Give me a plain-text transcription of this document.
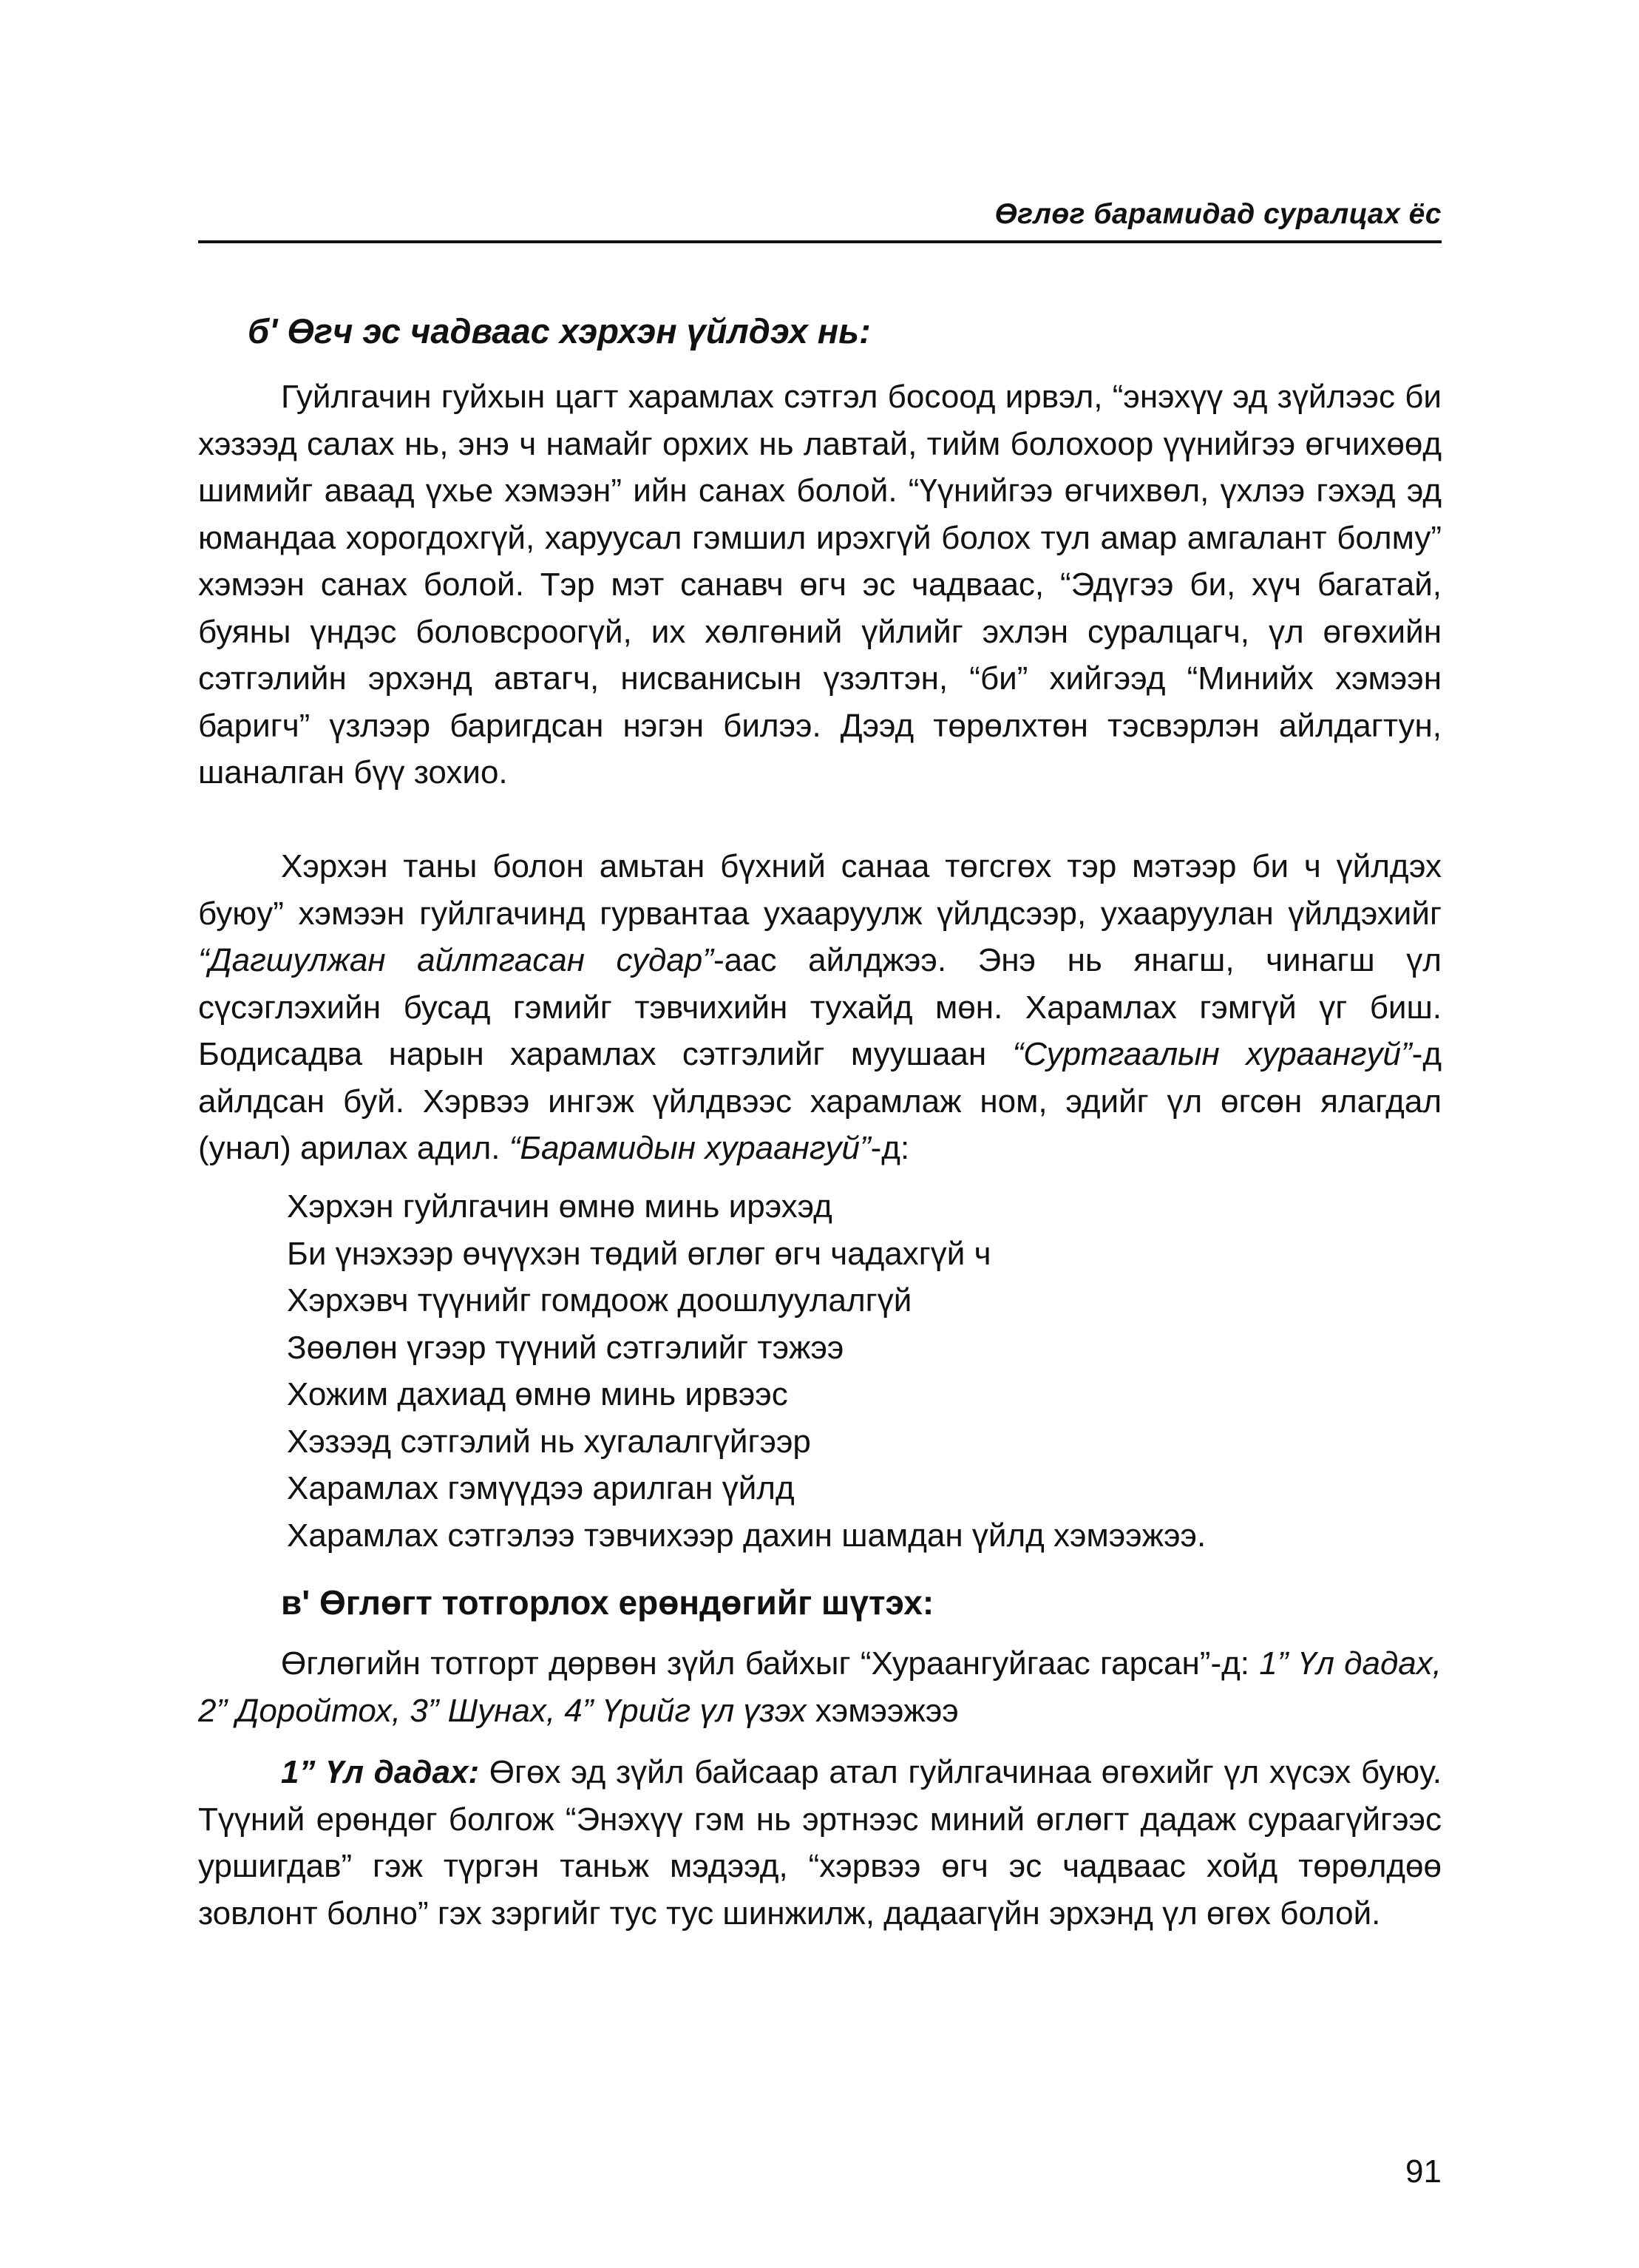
Өглөг барамидад суралцах ёс
б' Өгч эс чадваас хэрхэн үйлдэх нь:

Гуйлгачин гуйхын цагт харамлах сэтгэл босоод ирвэл, “энэхүү эд зүйлээс би хэзээд салах нь, энэ ч намайг орхих нь лавтай, тийм болохоор үүнийгээ өгчихөөд шимийг аваад үхье хэмээн” ийн санах болой. “Үүнийгээ өгчихвөл, үхлээ гэхэд эд юмандаа хорогдохгүй, харуусал гэмшил ирэхгүй болох тул амар амгалант болму” хэмээн санах болой. Тэр мэт санавч өгч эс чадваас, “Эдүгээ би, хүч багатай, буяны үндэс боловсроогүй, их хөлгөний үйлийг эхлэн суралцагч, үл өгөхийн сэтгэлийн эрхэнд автагч, нисванисын үзэлтэн, “би” хийгээд “Минийх хэмээн баригч” үзлээр баригдсан нэгэн билээ. Дээд төрөлхтөн тэсвэрлэн айлдагтун, шаналган бүү зохио.

Хэрхэн таны болон амьтан бүхний санаа төгсгөх тэр мэтээр би ч үйлдэх буюу” хэмээн гуйлгачинд гурвантаа ухааруулж үйлдсээр, ухааруулан үйлдэхийг “Дагшулжан айлтгасан судар”-аас айлджээ. Энэ нь янагш, чинагш үл сүсэглэхийн бусад гэмийг тэвчихийн тухайд мөн. Харамлах гэмгүй үг биш. Бодисадва нарын харамлах сэтгэлийг муушаан “Суртгаалын хураангуй”-д айлдсан буй. Хэрвээ ингэж үйлдвээс харамлаж ном, эдийг үл өгсөн ялагдал (унал) арилах адил. “Барамидын хураангуй”-д:

Хэрхэн гуйлгачин өмнө минь ирэхэд
Би үнэхээр өчүүхэн төдий өглөг өгч чадахгүй ч
Хэрхэвч түүнийг гомдоож доошлуулалгүй
Зөөлөн үгээр түүний сэтгэлийг тэжээ
Хожим дахиад өмнө минь ирвээс
Хэзээд сэтгэлий нь хугалалгүйгээр
Харамлах гэмүүдээ арилган үйлд
Харамлах сэтгэлээ тэвчихээр дахин шамдан үйлд хэмээжээ.
в' Өглөгт тотгорлох ерөндөгийг шүтэх:

Өглөгийн тотгорт дөрвөн зүйл байхыг “Хураангуйгаас гарсан”-д: 1” Үл дадах, 2” Доройтох, 3” Шунах, 4” Үрийг үл үзэх хэмээжээ

1” Үл дадах: Өгөх эд зүйл байсаар атал гуйлгачинаа өгөхийг үл хүсэх буюу. Түүний ерөндөг болгож “Энэхүү гэм нь эртнээс миний өглөгт дадаж сураагүйгээс уршигдав” гэж түргэн таньж мэдээд, “хэрвээ өгч эс чадваас хойд төрөлдөө зовлонт болно” гэх зэргийг тус тус шинжилж, дадаагүйн эрхэнд үл өгөх болой.

91
